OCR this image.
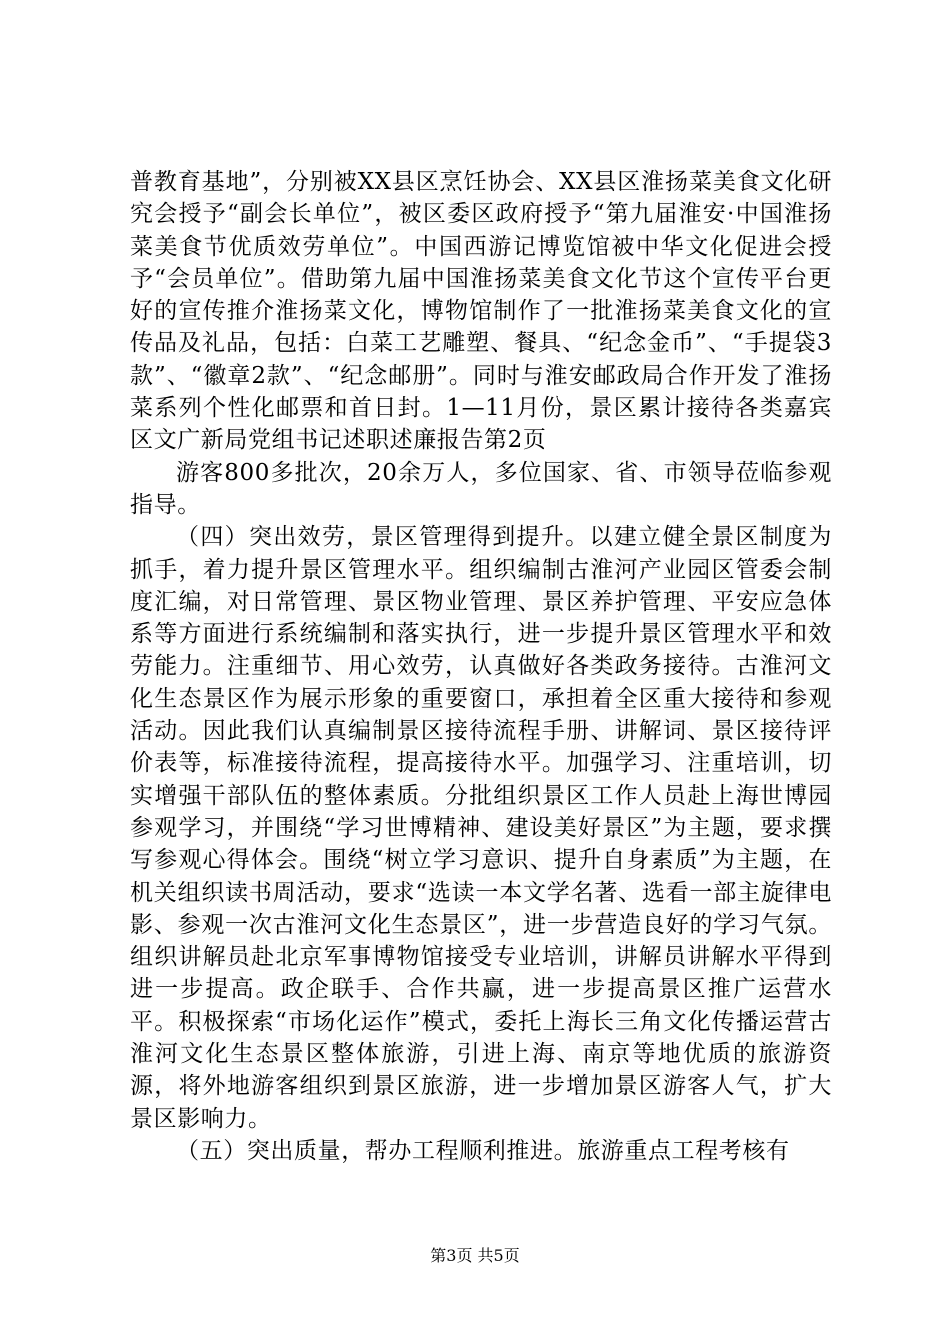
普教育基地”，分别被XX县区烹饪协会、XX县区淮扬菜美食文化研究会授予“副会长单位”，被区委区政府授予“第九届淮安·中国淮扬菜美食节优质效劳单位”。中国西游记博览馆被中华文化促进会授予“会员单位”。借助第九届中国淮扬菜美食文化节这个宣传平台更好的宣传推介淮扬菜文化，博物馆制作了一批淮扬菜美食文化的宣传品及礼品，包括：白菜工艺雕塑、餐具、“纪念金币”、“手提袋3款”、“徽章2款”、“纪念邮册”。同时与淮安邮政局合作开发了淮扬菜系列个性化邮票和首日封。1—11月份，景区累计接待各类嘉宾区文广新局党组书记述职述廉报告第2页

游客800多批次，20余万人，多位国家、省、市领导莅临参观指导。

（四）突出效劳，景区管理得到提升。以建立健全景区制度为抓手，着力提升景区管理水平。组织编制古淮河产业园区管委会制度汇编，对日常管理、景区物业管理、景区养护管理、平安应急体系等方面进行系统编制和落实执行，进一步提升景区管理水平和效劳能力。注重细节、用心效劳，认真做好各类政务接待。古淮河文化生态景区作为展示形象的重要窗口，承担着全区重大接待和参观活动。因此我们认真编制景区接待流程手册、讲解词、景区接待评价表等，标准接待流程，提高接待水平。加强学习、注重培训，切实增强干部队伍的整体素质。分批组织景区工作人员赴上海世博园参观学习，并围绕“学习世博精神、建设美好景区”为主题，要求撰写参观心得体会。围绕“树立学习意识、提升自身素质”为主题，在机关组织读书周活动，要求“选读一本文学名著、选看一部主旋律电影、参观一次古淮河文化生态景区”，进一步营造良好的学习气氛。组织讲解员赴北京军事博物馆接受专业培训，讲解员讲解水平得到进一步提高。政企联手、合作共赢，进一步提高景区推广运营水平。积极探索“市场化运作”模式，委托上海长三角文化传播运营古淮河文化生态景区整体旅游，引进上海、南京等地优质的旅游资源，将外地游客组织到景区旅游，进一步增加景区游客人气，扩大景区影响力。

（五）突出质量，帮办工程顺利推进。旅游重点工程考核有

第3页 共5页
